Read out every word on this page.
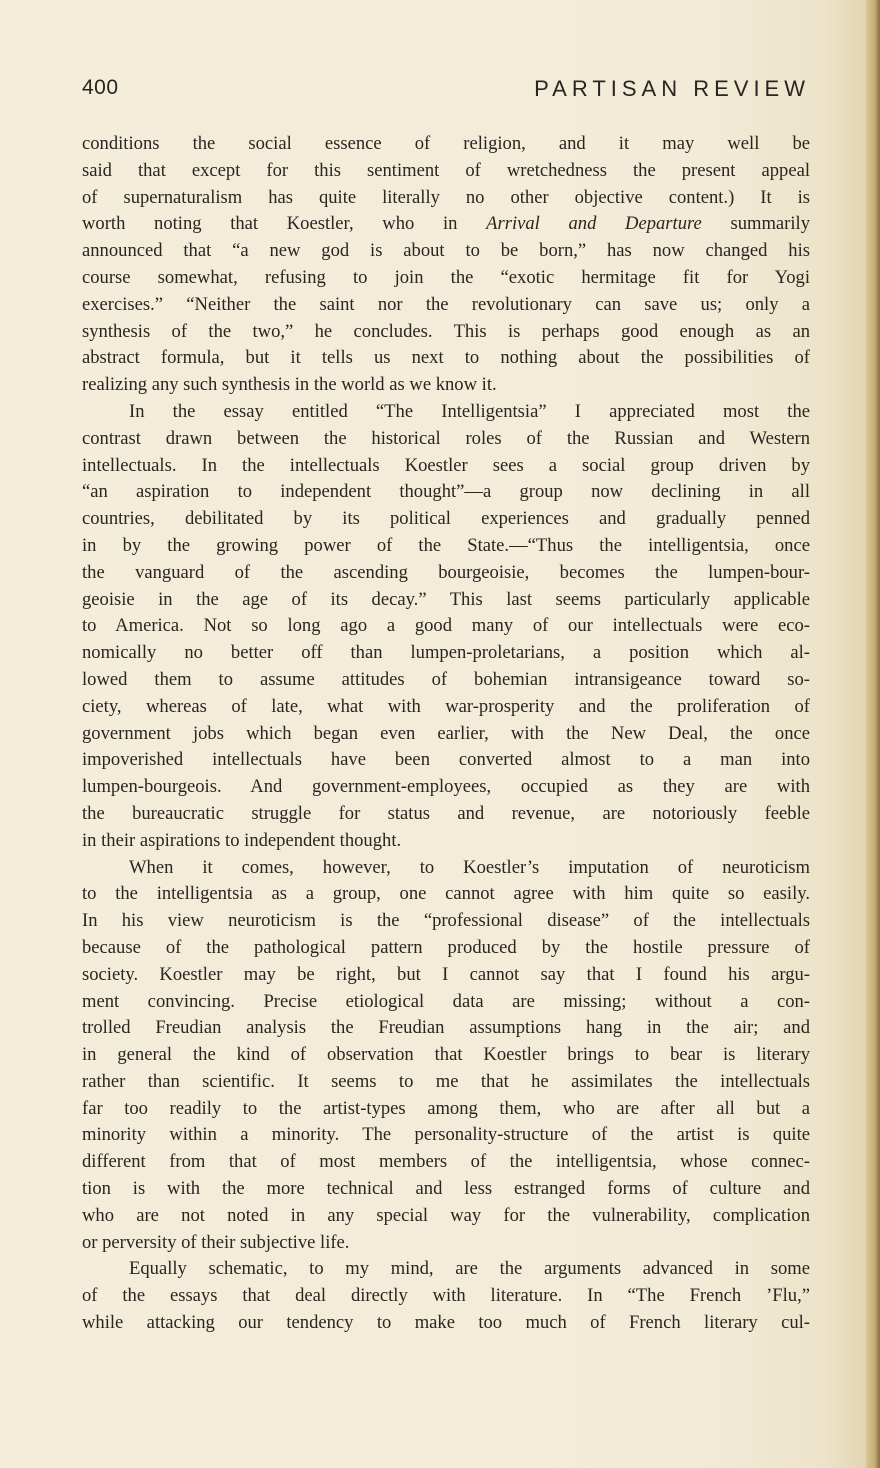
400	PARTISAN REVIEW
conditions the social essence of religion, and it may well be
said that except for this sentiment of wretchedness the present appeal
of supernaturalism has quite literally no other objective content.) It is
worth noting that Koestler, who in Arrival and Departure summarily
announced that “a new god is about to be born,” has now changed his
course somewhat, refusing to join the “exotic hermitage fit for Yogi
exercises.” “Neither the saint nor the revolutionary can save us; only a
synthesis of the two,” he concludes. This is perhaps good enough as an
abstract formula, but it tells us next to nothing about the possibilities of
realizing any such synthesis in the world as we know it.
In the essay entitled “The Intelligentsia” I appreciated most the
contrast drawn between the historical roles of the Russian and Western
intellectuals. In the intellectuals Koestler sees a social group driven by
“an aspiration to independent thought”—a group now declining in all
countries, debilitated by its political experiences and gradually penned
in by the growing power of the State.—“Thus the intelligentsia, once
the vanguard of the ascending bourgeoisie, becomes the lumpen-bour-
geoisie in the age of its decay.” This last seems particularly applicable
to America. Not so long ago a good many of our intellectuals were eco-
nomically no better off than lumpen-proletarians, a position which al-
lowed them to assume attitudes of bohemian intransigeance toward so-
ciety, whereas of late, what with war-prosperity and the proliferation of
government jobs which began even earlier, with the New Deal, the once
impoverished intellectuals have been converted almost to a man into
lumpen-bourgeois. And government-employees, occupied as they are with
the bureaucratic struggle for status and revenue, are notoriously feeble
in their aspirations to independent thought.
When it comes, however, to Koestler’s imputation of neuroticism
to the intelligentsia as a group, one cannot agree with him quite so easily.
In his view neuroticism is the “professional disease” of the intellectuals
because of the pathological pattern produced by the hostile pressure of
society. Koestler may be right, but I cannot say that I found his argu-
ment convincing. Precise etiological data are missing; without a con-
trolled Freudian analysis the Freudian assumptions hang in the air; and
in general the kind of observation that Koestler brings to bear is literary
rather than scientific. It seems to me that he assimilates the intellectuals
far too readily to the artist-types among them, who are after all but a
minority within a minority. The personality-structure of the artist is quite
different from that of most members of the intelligentsia, whose connec-
tion is with the more technical and less estranged forms of culture and
who are not noted in any special way for the vulnerability, complication
or perversity of their subjective life.
Equally schematic, to my mind, are the arguments advanced in some
of the essays that deal directly with literature. In “The French ’Flu,”
while attacking our tendency to make too much of French literary cul-
